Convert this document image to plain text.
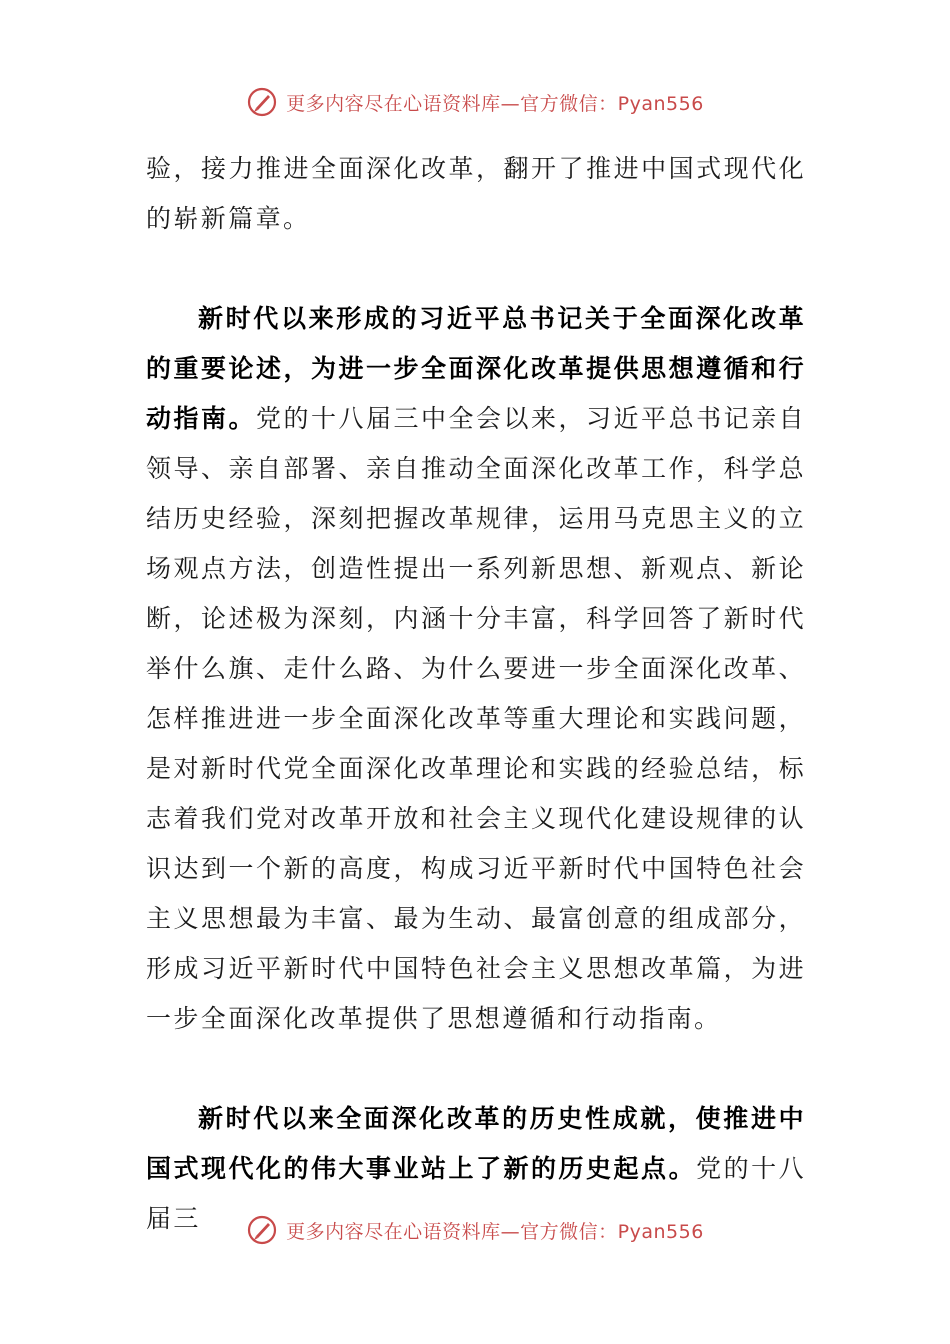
更多内容尽在心语资料库—官方微信：Pyan556

验，接力推进全面深化改革，翻开了推进中国式现代化的崭新篇章。

新时代以来形成的习近平总书记关于全面深化改革的重要论述，为进一步全面深化改革提供思想遵循和行动指南。党的十八届三中全会以来，习近平总书记亲自领导、亲自部署、亲自推动全面深化改革工作，科学总结历史经验，深刻把握改革规律，运用马克思主义的立场观点方法，创造性提出一系列新思想、新观点、新论断，论述极为深刻，内涵十分丰富，科学回答了新时代举什么旗、走什么路、为什么要进一步全面深化改革、怎样推进进一步全面深化改革等重大理论和实践问题，是对新时代党全面深化改革理论和实践的经验总结，标志着我们党对改革开放和社会主义现代化建设规律的认识达到一个新的高度，构成习近平新时代中国特色社会主义思想最为丰富、最为生动、最富创意的组成部分，形成习近平新时代中国特色社会主义思想改革篇，为进一步全面深化改革提供了思想遵循和行动指南。

新时代以来全面深化改革的历史性成就，使推进中国式现代化的伟大事业站上了新的历史起点。党的十八届三	更多内容尽在心语资料库—官方微信：Pyan556
